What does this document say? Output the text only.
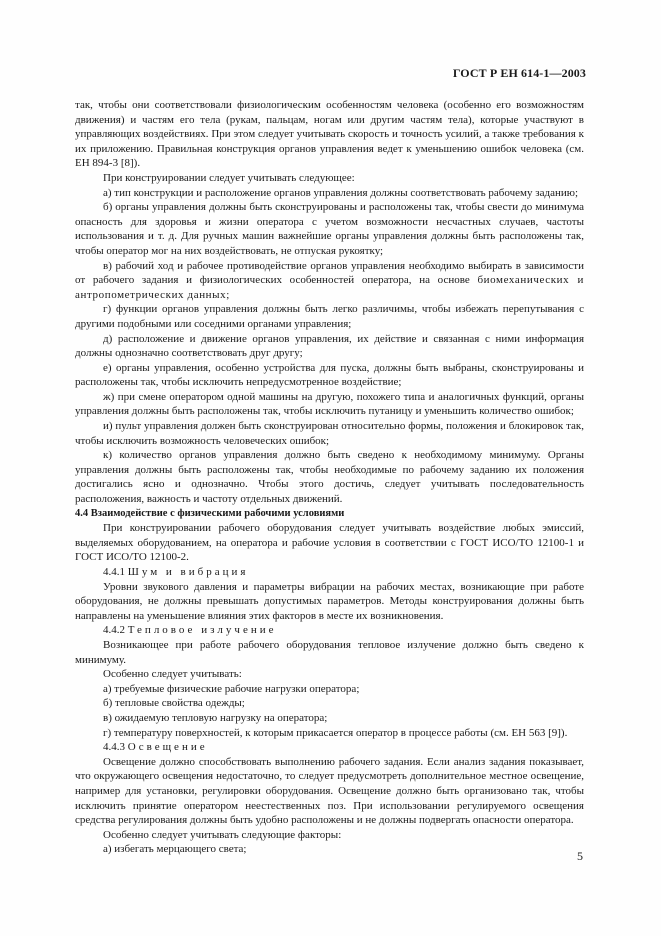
ГОСТ Р ЕН 614-1—2003

так, чтобы они соответствовали физиологическим особенностям человека (особенно его возможностям движения) и частям его тела (рукам, пальцам, ногам или другим частям тела), которые участвуют в управляющих воздействиях. При этом следует учитывать скорость и точность усилий, а также требования к их приложению. Правильная конструкция органов управления ведет к уменьшению ошибок человека (см. ЕН 894-3 [8]).

При конструировании следует учитывать следующее:

а) тип конструкции и расположение органов управления должны соответствовать рабочему заданию;

б) органы управления должны быть сконструированы и расположены так, чтобы свести до минимума опасность для здоровья и жизни оператора с учетом возможности несчастных случаев, частоты использования и т. д. Для ручных машин важнейшие органы управления должны быть расположены так, чтобы оператор мог на них воздействовать, не отпуская рукоятку;

в) рабочий ход и рабочее противодействие органов управления необходимо выбирать в зависимости от рабочего задания и физиологических особенностей оператора, на основе биомеханических и антропометрических данных;

г) функции органов управления должны быть легко различимы, чтобы избежать перепутывания с другими подобными или соседними органами управления;

д) расположение и движение органов управления, их действие и связанная с ними информация должны однозначно соответствовать друг другу;

е) органы управления, особенно устройства для пуска, должны быть выбраны, сконструированы и расположены так, чтобы исключить непредусмотренное воздействие;

ж) при смене оператором одной машины на другую, похожего типа и аналогичных функций, органы управления должны быть расположены так, чтобы исключить путаницу и уменьшить количество ошибок;

и) пульт управления должен быть сконструирован относительно формы, положения и блокировок так, чтобы исключить возможность человеческих ошибок;

к) количество органов управления должно быть сведено к необходимому минимуму. Органы управления должны быть расположены так, чтобы необходимые по рабочему заданию их положения достигались ясно и однозначно. Чтобы этого достичь, следует учитывать последовательность расположения, важность и частоту отдельных движений.

4.4 Взаимодействие с физическими рабочими условиями

При конструировании рабочего оборудования следует учитывать воздействие любых эмиссий, выделяемых оборудованием, на оператора и рабочие условия в соответствии с ГОСТ ИСО/ТО 12100-1 и ГОСТ ИСО/ТО 12100-2.

4.4.1 Шум и вибрация

Уровни звукового давления и параметры вибрации на рабочих местах, возникающие при работе оборудования, не должны превышать допустимых параметров. Методы конструирования должны быть направлены на уменьшение влияния этих факторов в месте их возникновения.

4.4.2 Тепловое излучение

Возникающее при работе рабочего оборудования тепловое излучение должно быть сведено к минимуму.

Особенно следует учитывать:

а) требуемые физические рабочие нагрузки оператора;

б) тепловые свойства одежды;

в) ожидаемую тепловую нагрузку на оператора;

г) температуру поверхностей, к которым прикасается оператор в процессе работы (см. ЕН 563 [9]).

4.4.3 Освещение

Освещение должно способствовать выполнению рабочего задания. Если анализ задания показывает, что окружающего освещения недостаточно, то следует предусмотреть дополнительное местное освещение, например для установки, регулировки оборудования. Освещение должно быть организовано так, чтобы исключить принятие оператором неестественных поз. При использовании регулируемого освещения средства регулирования должны быть удобно расположены и не должны подвергать опасности оператора.

Особенно следует учитывать следующие факторы:

а) избегать мерцающего света;	5
